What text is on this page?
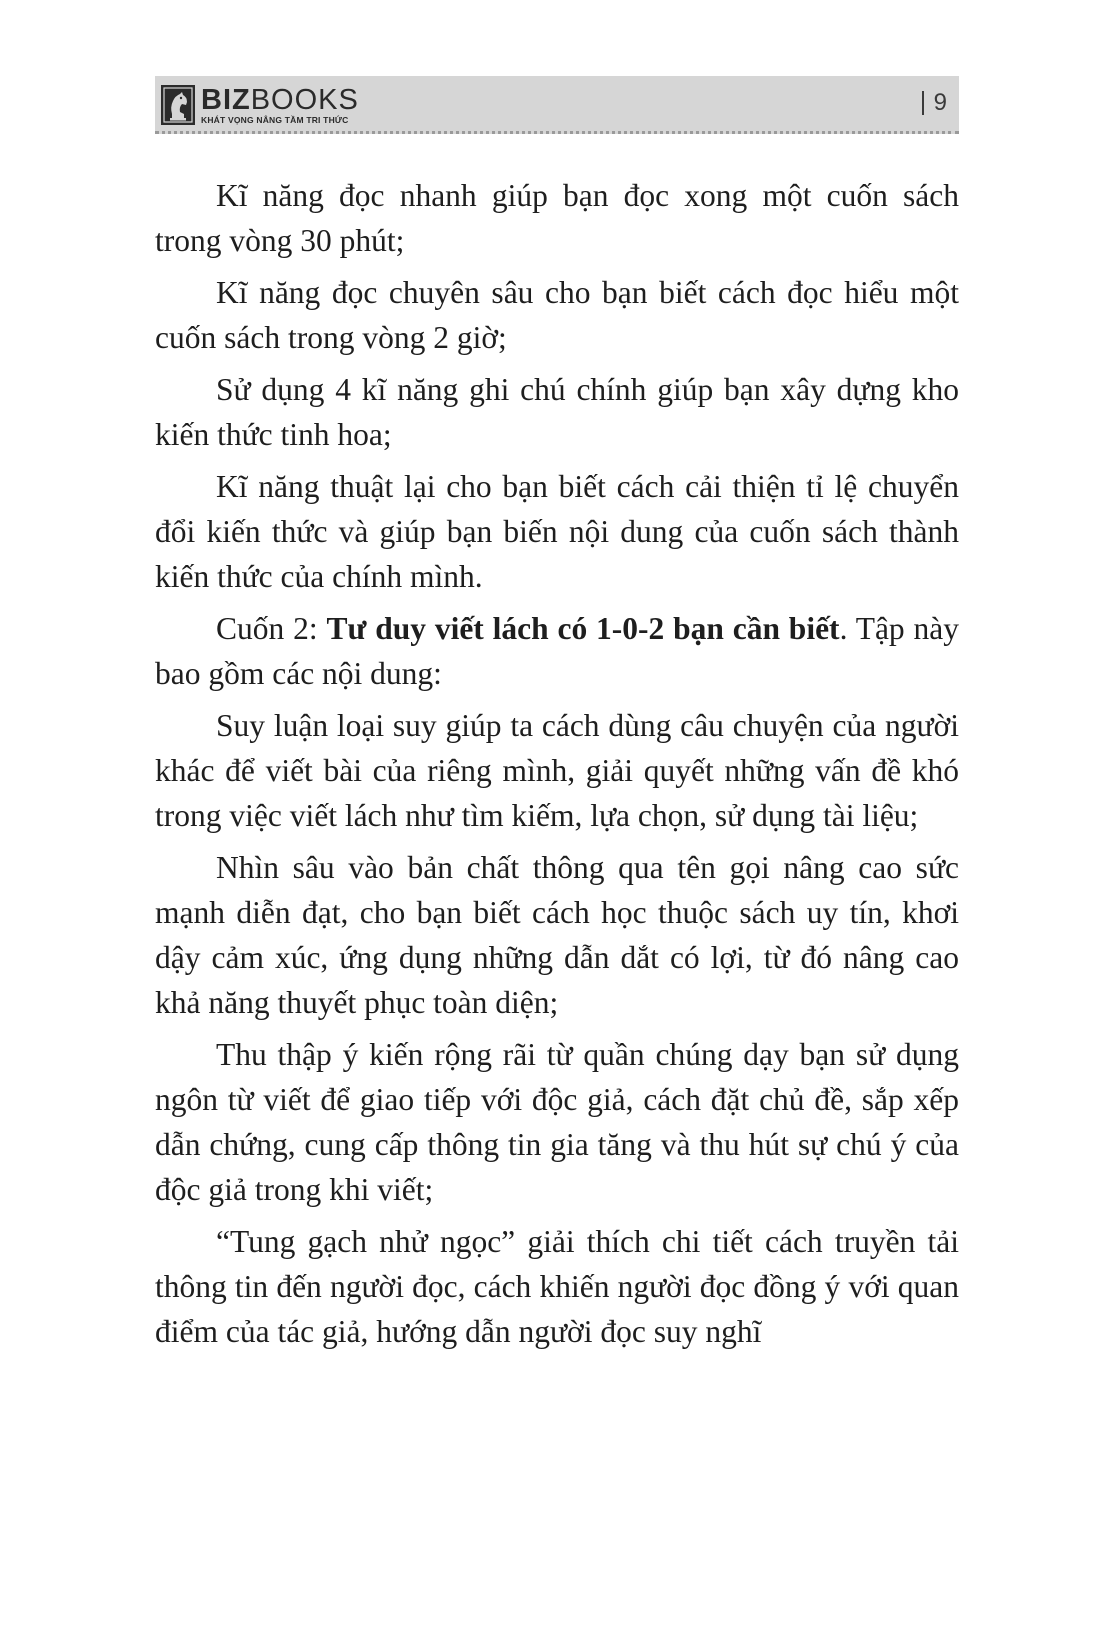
BIZBOOKS
KHÁT VỌNG NÂNG TẦM TRI THỨC
9

Kĩ năng đọc nhanh giúp bạn đọc xong một cuốn sách trong vòng 30 phút;

Kĩ năng đọc chuyên sâu cho bạn biết cách đọc hiểu một cuốn sách trong vòng 2 giờ;

Sử dụng 4 kĩ năng ghi chú chính giúp bạn xây dựng kho kiến thức tinh hoa;

Kĩ năng thuật lại cho bạn biết cách cải thiện tỉ lệ chuyển đổi kiến thức và giúp bạn biến nội dung của cuốn sách thành kiến thức của chính mình.

Cuốn 2: Tư duy viết lách có 1-0-2 bạn cần biết. Tập này bao gồm các nội dung:

Suy luận loại suy giúp ta cách dùng câu chuyện của người khác để viết bài của riêng mình, giải quyết những vấn đề khó trong việc viết lách như tìm kiếm, lựa chọn, sử dụng tài liệu;

Nhìn sâu vào bản chất thông qua tên gọi nâng cao sức mạnh diễn đạt, cho bạn biết cách học thuộc sách uy tín, khơi dậy cảm xúc, ứng dụng những dẫn dắt có lợi, từ đó nâng cao khả năng thuyết phục toàn diện;

Thu thập ý kiến rộng rãi từ quần chúng dạy bạn sử dụng ngôn từ viết để giao tiếp với độc giả, cách đặt chủ đề, sắp xếp dẫn chứng, cung cấp thông tin gia tăng và thu hút sự chú ý của độc giả trong khi viết;

“Tung gạch nhử ngọc” giải thích chi tiết cách truyền tải thông tin đến người đọc, cách khiến người đọc đồng ý với quan điểm của tác giả, hướng dẫn người đọc suy nghĩ
